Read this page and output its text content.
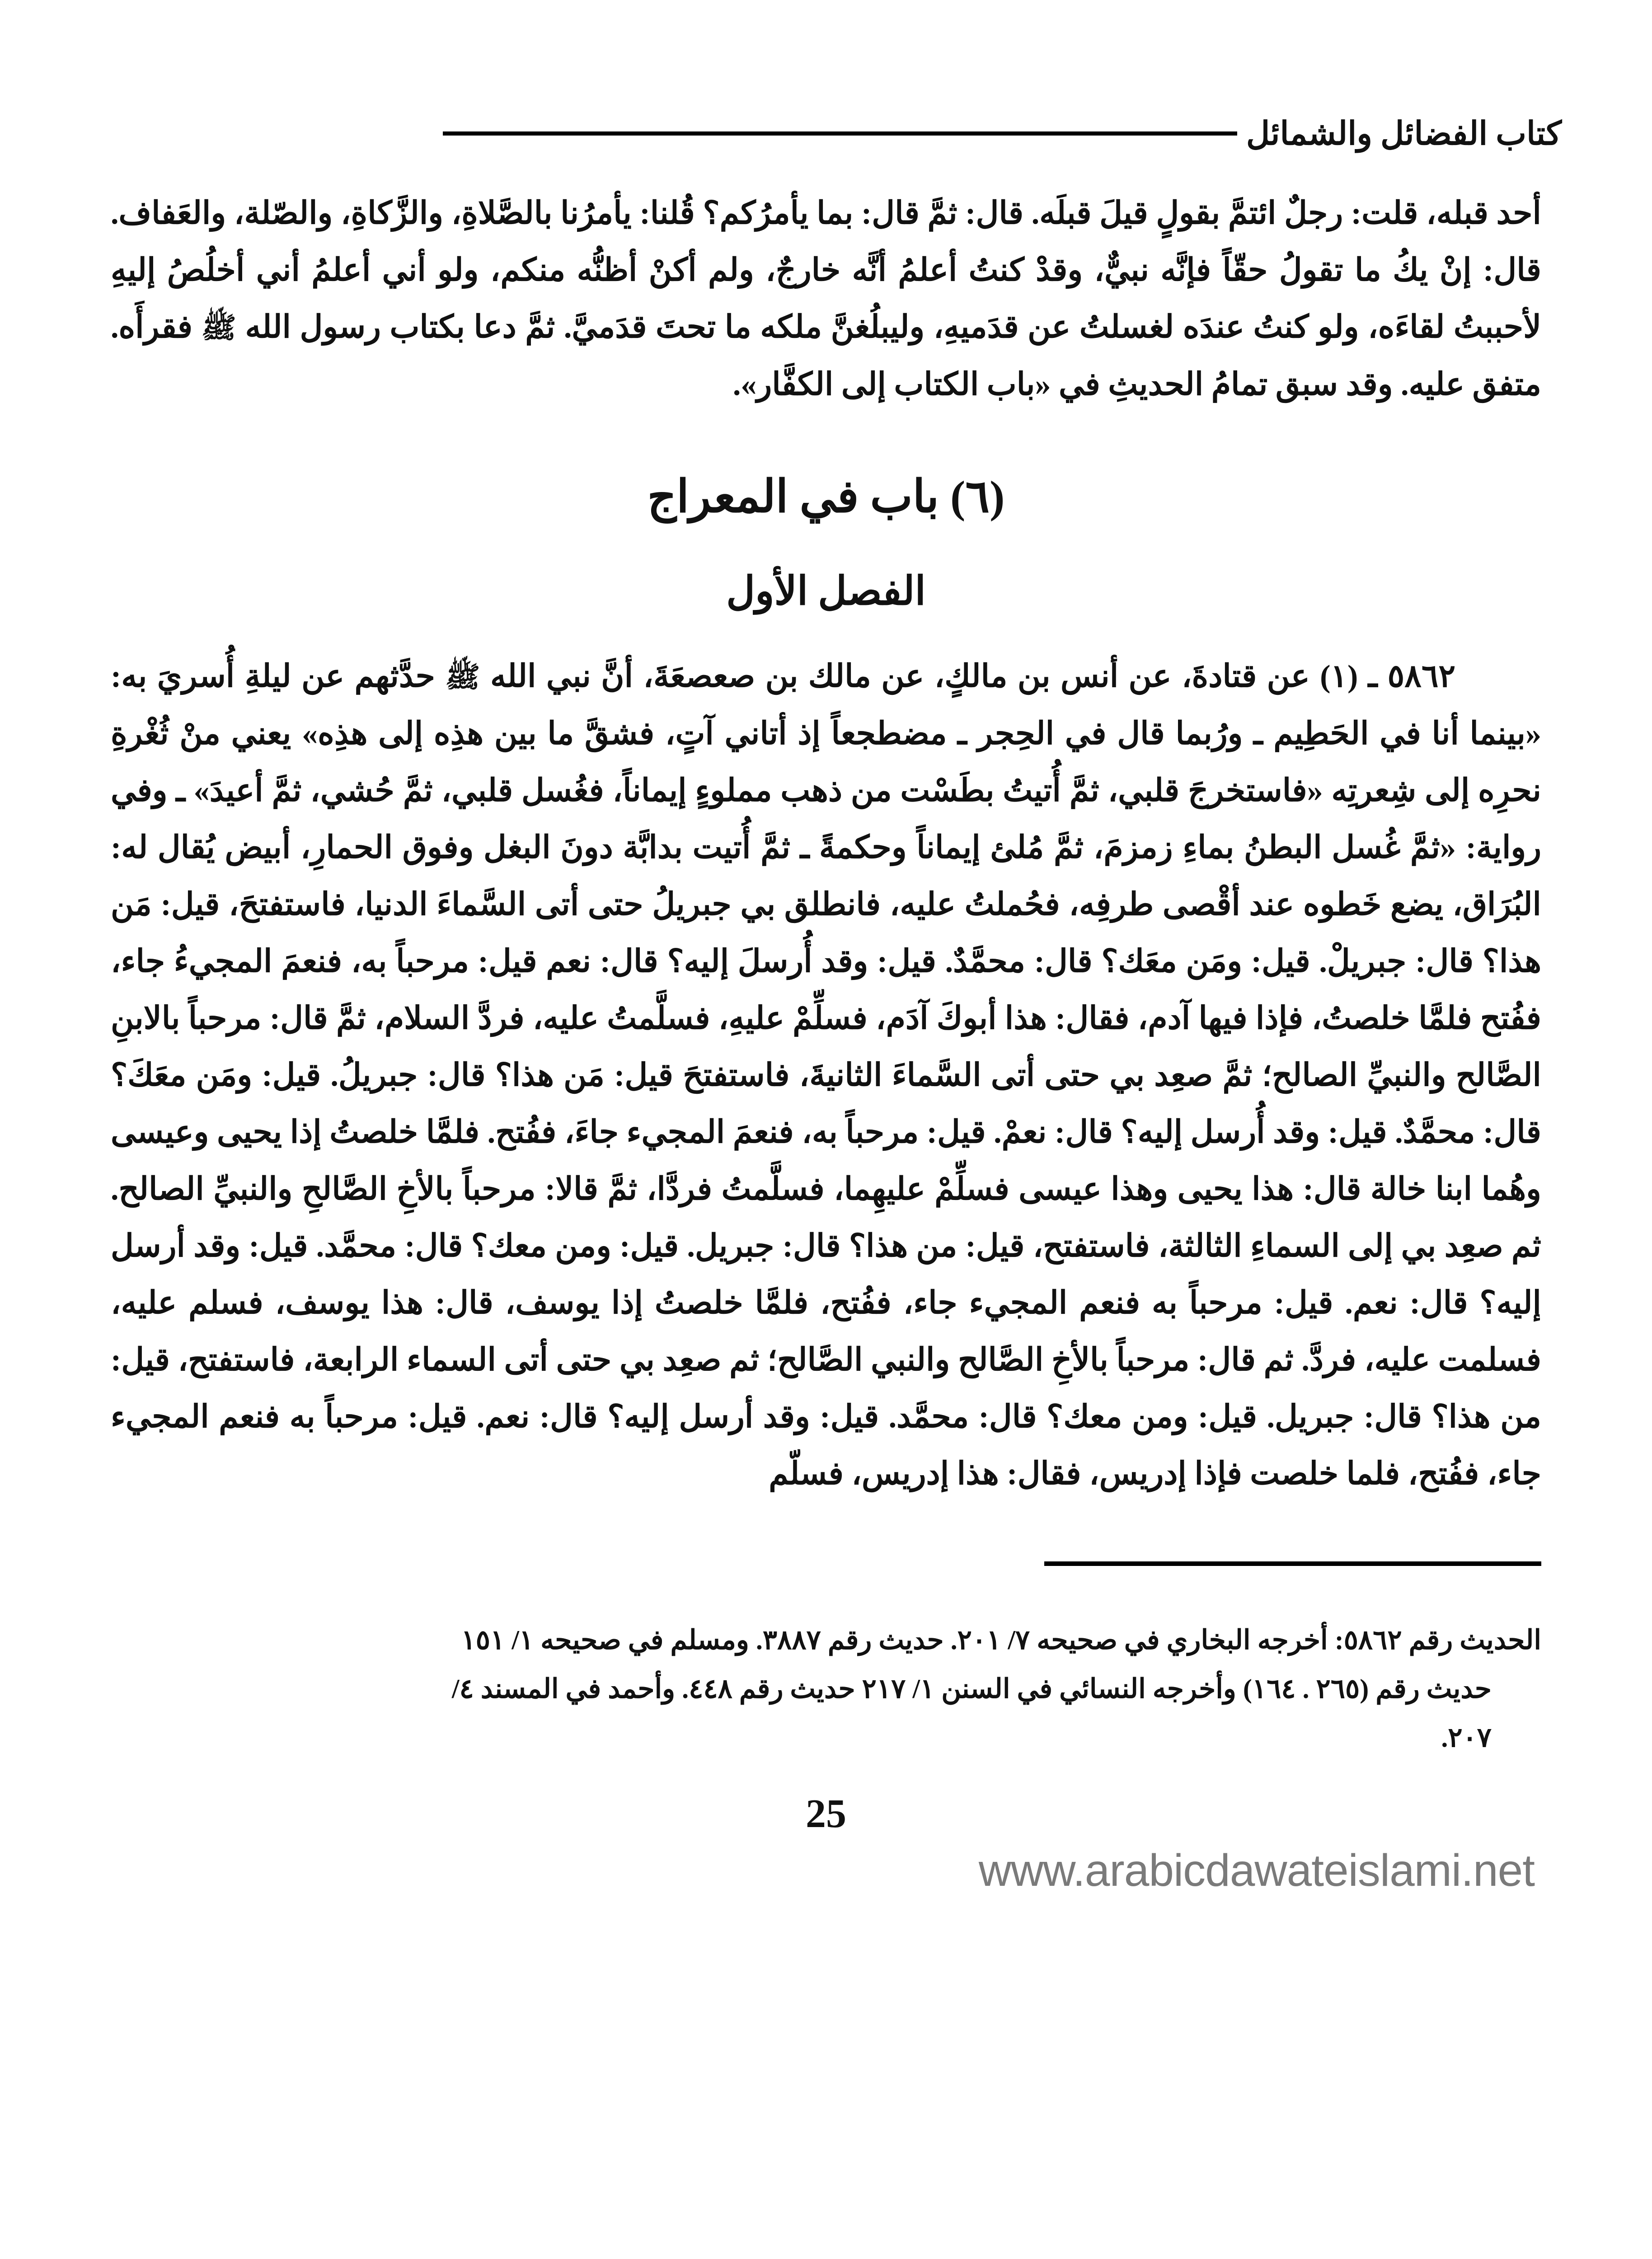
كتاب الفضائل والشمائل
أحد قبله، قلت: رجلٌ ائتمَّ بقولٍ قيلَ قبلَه. قال: ثمَّ قال: بما يأمرُكم؟ قُلنا: يأمرُنا بالصَّلاةِ، والزَّكاةِ، والصّلة، والعَفاف. قال: إنْ يكُ ما تقولُ حقّاً فإنَّه نبيٌّ، وقدْ كنتُ أعلمُ أنَّه خارجٌ، ولم أكنْ أظنُّه منكم، ولو أني أعلمُ أني أخلُصُ إليهِ لأحببتُ لقاءَه، ولو كنتُ عندَه لغسلتُ عن قدَميهِ، وليبلُغنَّ ملكه ما تحتَ قدَميَّ. ثمَّ دعا بكتاب رسول الله ﷺ فقرأَه. متفق عليه. وقد سبق تمامُ الحديثِ في «باب الكتاب إلى الكفَّار».
(٦) باب في المعراج
الفصل الأول
٥٨٦٢ ـ (١) عن قتادةَ، عن أنس بن مالكٍ، عن مالك بن صعصعَةَ، أنَّ نبي الله ﷺ حدَّثهم عن ليلةِ أُسريَ به: «بينما أنا في الحَطِيم ـ ورُبما قال في الحِجر ـ مضطجعاً إذ أتاني آتٍ، فشقَّ ما بين هذِه إلى هذِه» يعني منْ ثُغْرةِ نحرِه إلى شِعرتِه «فاستخرجَ قلبي، ثمَّ أُتيتُ بطَسْت من ذهب مملوءٍ إيماناً، فغُسل قلبي، ثمَّ حُشي، ثمَّ أعيدَ» ـ وفي رواية: «ثمَّ غُسل البطنُ بماءِ زمزمَ، ثمَّ مُلئ إيماناً وحكمةً ـ ثمَّ أُتيت بدابَّة دونَ البغل وفوق الحمارِ، أبيض يُقال له: البُرَاق، يضع خَطوه عند أقْصى طرفِه، فحُملتُ عليه، فانطلق بي جبريلُ حتى أتى السَّماءَ الدنيا، فاستفتحَ، قيل: مَن هذا؟ قال: جبريلْ. قيل: ومَن معَك؟ قال: محمَّدٌ. قيل: وقد أُرسلَ إليه؟ قال: نعم قيل: مرحباً به، فنعمَ المجيءُ جاء، ففُتح فلمَّا خلصتُ، فإذا فيها آدم، فقال: هذا أبوكَ آدَم، فسلِّمْ عليهِ، فسلَّمتُ عليه، فردَّ السلام، ثمَّ قال: مرحباً بالابنِ الصَّالح والنبيِّ الصالح؛ ثمَّ صعِد بي حتى أتى السَّماءَ الثانيةَ، فاستفتحَ قيل: مَن هذا؟ قال: جبريلُ. قيل: ومَن معَكَ؟ قال: محمَّدٌ. قيل: وقد أُرسل إليه؟ قال: نعمْ. قيل: مرحباً به، فنعمَ المجيء جاءَ، ففُتح. فلمَّا خلصتُ إذا يحيى وعيسى وهُما ابنا خالة قال: هذا يحيى وهذا عيسى فسلِّمْ عليهِما، فسلَّمتُ فردَّا، ثمَّ قالا: مرحباً بالأخِ الصَّالحِ والنبيِّ الصالح. ثم صعِد بي إلى السماءِ الثالثة، فاستفتح، قيل: من هذا؟ قال: جبريل. قيل: ومن معك؟ قال: محمَّد. قيل: وقد أرسل إليه؟ قال: نعم. قيل: مرحباً به فنعم المجيء جاء، ففُتح، فلمَّا خلصتُ إذا يوسف، قال: هذا يوسف، فسلم عليه، فسلمت عليه، فردَّ. ثم قال: مرحباً بالأخِ الصَّالح والنبي الصَّالح؛ ثم صعِد بي حتى أتى السماء الرابعة، فاستفتح، قيل: من هذا؟ قال: جبريل. قيل: ومن معك؟ قال: محمَّد. قيل: وقد أرسل إليه؟ قال: نعم. قيل: مرحباً به فنعم المجيء جاء، ففُتح، فلما خلصت فإذا إدريس، فقال: هذا إدريس، فسلّم
الحديث رقم ٥٨٦٢: أخرجه البخاري في صحيحه ٧/ ٢٠١. حديث رقم ٣٨٨٧. ومسلم في صحيحه ١/ ١٥١
حديث رقم (٢٦٥ . ١٦٤) وأخرجه النسائي في السنن ١/ ٢١٧ حديث رقم ٤٤٨. وأحمد في المسند ٤/
٢٠٧.
25
www.arabicdawateislami.net
